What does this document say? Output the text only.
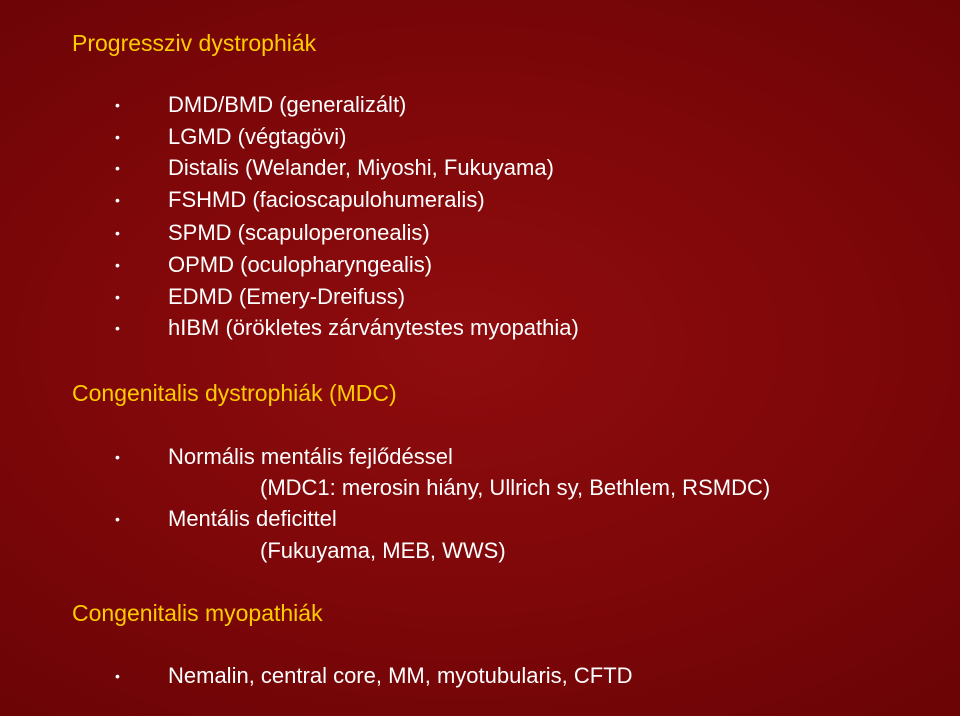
Progressziv dystrophiák
•	DMD/BMD (generalizált)
•	LGMD (végtagövi)
•	Distalis (Welander, Miyoshi, Fukuyama)
•	FSHMD (facioscapulohumeralis)
•	SPMD (scapuloperonealis)
•	OPMD (oculopharyngealis)
•	EDMD (Emery-Dreifuss)
•	hIBM (örökletes zárványtestes myopathia)
Congenitalis dystrophiák (MDC)
•	Normális mentális fejlődéssel
(MDC1: merosin hiány, Ullrich sy, Bethlem, RSMDC)
•	Mentális deficittel
(Fukuyama, MEB, WWS)
Congenitalis myopathiák
•	Nemalin, central core, MM, myotubularis, CFTD
